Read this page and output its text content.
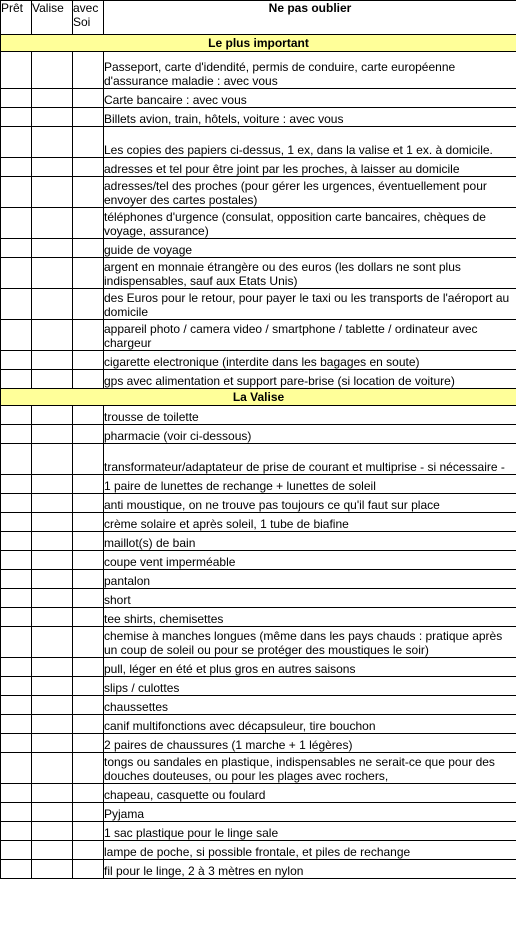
Prêt	Valise	avec Soi	Ne pas oublier
Le plus important			
			Passeport, carte d'idendité, permis de conduire, carte européenne d'assurance maladie : avec vous
			Carte bancaire : avec vous
			Billets avion, train, hôtels, voiture : avec vous
			Les copies des papiers ci-dessus, 1 ex, dans la valise et 1 ex. à domicile.
			adresses et tel pour être joint par les proches, à laisser au domicile
			adresses/tel des proches (pour gérer les urgences, éventuellement pour envoyer des cartes postales)
			téléphones d'urgence (consulat, opposition carte bancaires, chèques de voyage, assurance)
			guide de voyage
			argent en monnaie étrangère ou des euros (les dollars ne sont plus indispensables, sauf aux Etats Unis)
			des Euros pour le retour, pour payer le taxi ou les transports de l'aéroport au domicile
			appareil photo / camera video / smartphone / tablette / ordinateur avec chargeur
			cigarette electronique (interdite dans les bagages en soute)
			gps avec alimentation et support pare-brise (si location de voiture)
La Valise			
			trousse de toilette
			pharmacie (voir ci-dessous)
			transformateur/adaptateur de prise de courant et multiprise - si nécessaire -
			1 paire de lunettes de rechange + lunettes de soleil
			anti moustique, on ne trouve pas toujours ce qu'il faut sur place
			crème solaire et après soleil, 1 tube de biafine
			maillot(s) de bain
			coupe vent imperméable
			pantalon
			short
			tee shirts, chemisettes
			chemise à manches longues (même dans les pays chauds : pratique après un coup de soleil ou pour se protéger des moustiques le soir)
			pull, léger en été et plus gros en autres saisons
			slips / culottes
			chaussettes
			canif multifonctions avec décapsuleur, tire bouchon
			2 paires de chaussures (1 marche + 1 légères)
			tongs ou sandales en plastique, indispensables ne serait-ce que pour des douches douteuses, ou pour les plages avec rochers,
			chapeau, casquette ou foulard
			Pyjama
			1 sac plastique pour le linge sale
			lampe de poche, si possible frontale, et piles de rechange
			fil pour le linge, 2 à 3 mètres en nylon
